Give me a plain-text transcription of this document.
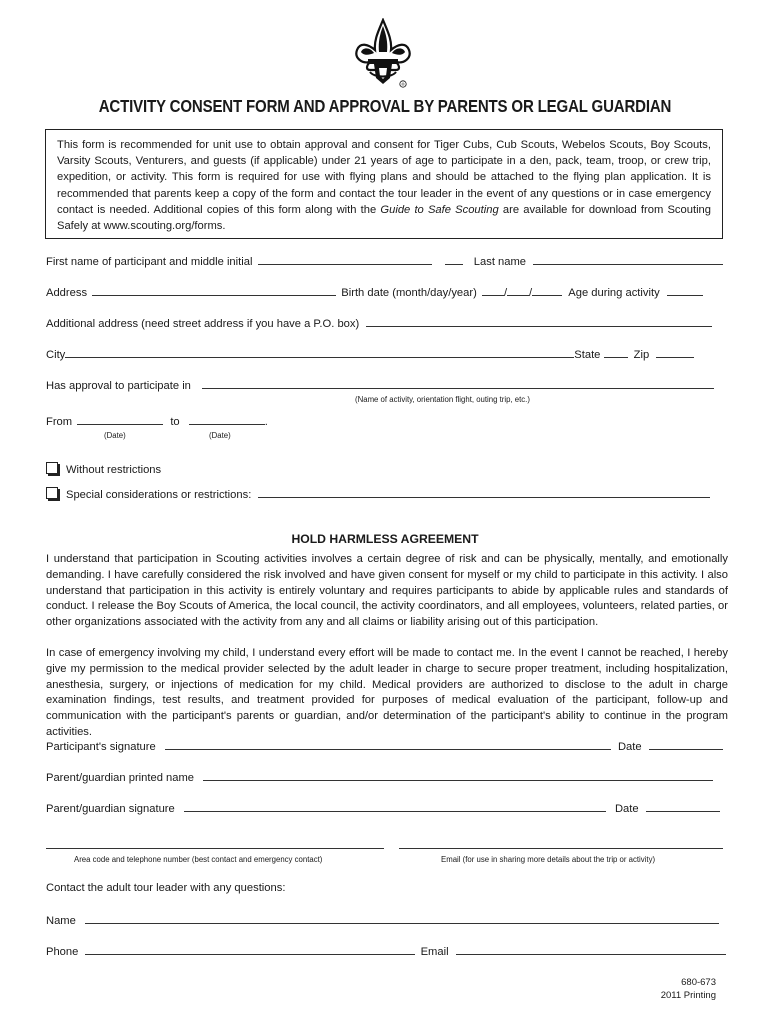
®
ACTIVITY CONSENT FORM AND APPROVAL BY PARENTS OR LEGAL GUARDIAN
This form is recommended for unit use to obtain approval and consent for Tiger Cubs, Cub Scouts, Webelos Scouts, Boy Scouts, Varsity Scouts, Venturers, and guests (if applicable) under 21 years of age to participate in a den, pack, team, troop, or crew trip, expedition, or activity. This form is required for use with flying plans and should be attached to the flying plan application. It is recommended that parents keep a copy of the form and contact the tour leader in the event of any questions or in case emergency contact is needed. Additional copies of this form along with the Guide to Safe Scouting are available for download from Scouting Safely at www.scouting.org/forms.
First name of participant and middle initial	Last name
Address	Birth date (month/day/year) / /	Age during activity
Additional address (need street address if you have a P.O. box)
City	State	Zip
Has approval to participate in
(Name of activity, orientation flight, outing trip, etc.)
From	to	.
(Date)	(Date)
Without restrictions
Special considerations or restrictions:
HOLD HARMLESS AGREEMENT
I understand that participation in Scouting activities involves a certain degree of risk and can be physically, mentally, and emotionally demanding. I have carefully considered the risk involved and have given consent for myself or my child to participate in this activity. I also understand that participation in this activity is entirely voluntary and requires participants to abide by applicable rules and standards of conduct. I release the Boy Scouts of America, the local council, the activity coordinators, and all employees, volunteers, related parties, or other organizations associated with the activity from any and all claims or liability arising out of this participation.
In case of emergency involving my child, I understand every effort will be made to contact me. In the event I cannot be reached, I hereby give my permission to the medical provider selected by the adult leader in charge to secure proper treatment, including hospitalization, anesthesia, surgery, or injections of medication for my child. Medical providers are authorized to disclose to the adult in charge examination findings, test results, and treatment provided for purposes of medical evaluation of the participant, follow-up and communication with the participant's parents or guardian, and/or determination of the participant's ability to continue in the program activities.
Participant's signature	Date
Parent/guardian printed name
Parent/guardian signature	Date
Area code and telephone number (best contact and emergency contact)	Email (for use in sharing more details about the trip or activity)
Contact the adult tour leader with any questions:
Name
Phone	Email
680-673
2011 Printing
